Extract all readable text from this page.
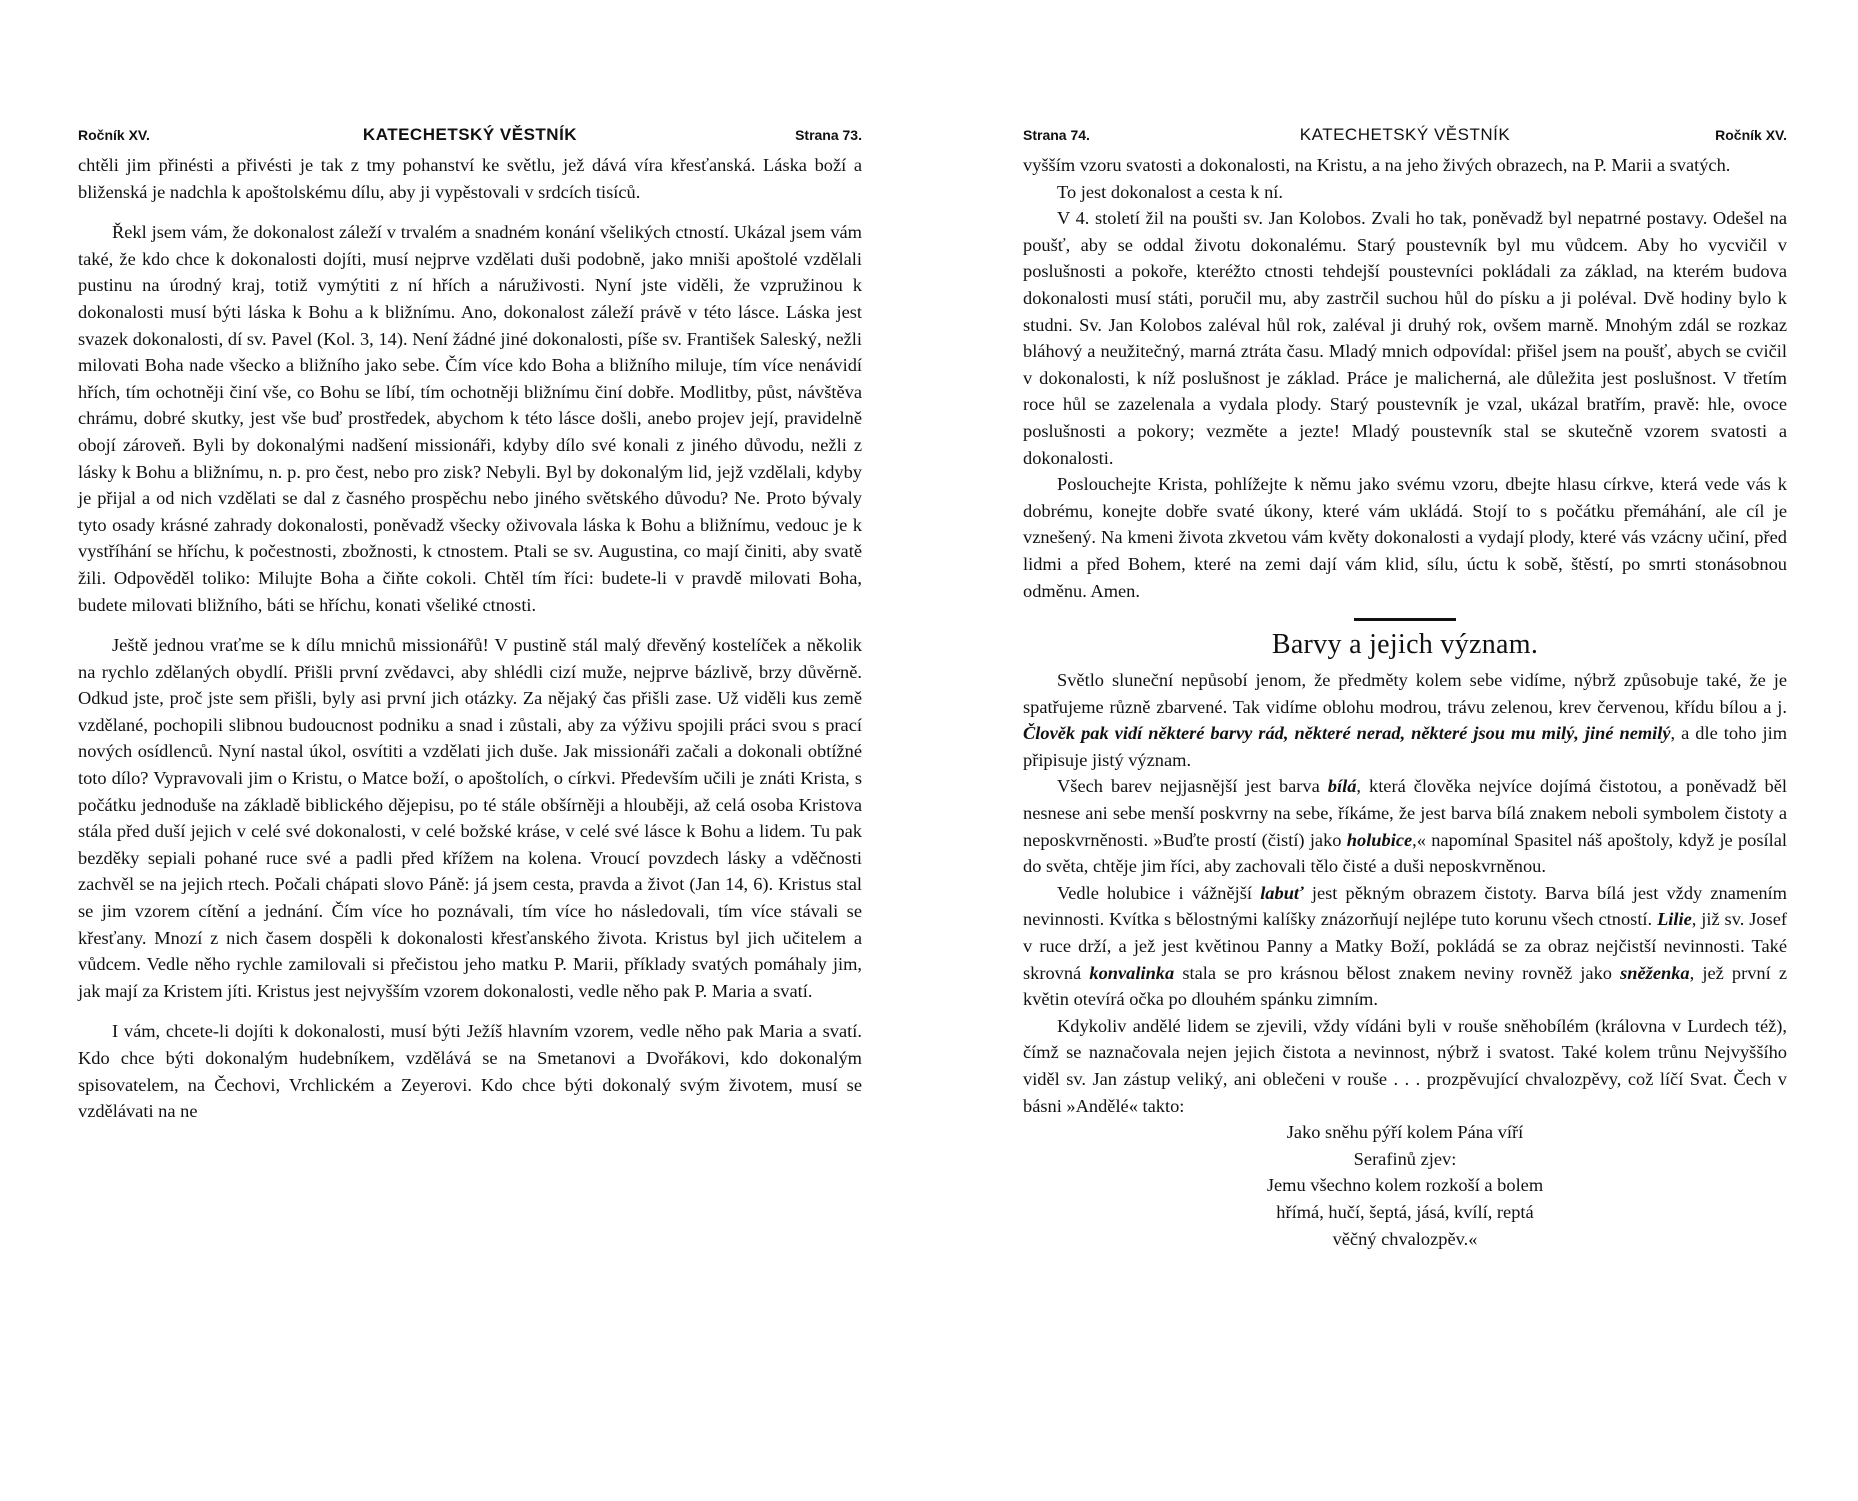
Ročník XV.	KATECHETSKÝ VĚSTNÍK	Strana 73.

chtěli jim přinésti a přivésti je tak z tmy pohanství ke světlu, jež dává víra křesťanská. Láska boží a bliženská je nadchla k apoštolskému dílu, aby ji vypěstovali v srdcích tisíců.

Řekl jsem vám, že dokonalost záleží v trvalém a snadném konání všelikých ctností. Ukázal jsem vám také, že kdo chce k dokonalosti dojíti, musí nejprve vzdělati duši podobně, jako mniši apoštolé vzdělali pustinu na úrodný kraj, totiž vymýtiti z ní hřích a náruživosti. Nyní jste viděli, že vzpružinou k dokonalosti musí býti láska k Bohu a k bližnímu. Ano, dokonalost záleží právě v této lásce. Láska jest svazek dokonalosti, dí sv. Pavel (Kol. 3, 14). Není žádné jiné dokonalosti, píše sv. František Saleský, nežli milovati Boha nade všecko a bližního jako sebe. Čím více kdo Boha a bližního miluje, tím více nenávidí hřích, tím ochotněji činí vše, co Bohu se líbí, tím ochotněji bližnímu činí dobře. Modlitby, půst, návštěva chrámu, dobré skutky, jest vše buď prostředek, abychom k této lásce došli, anebo projev její, pravidelně obojí zároveň. Byli by dokonalými nadšení missionáři, kdyby dílo své konali z jiného důvodu, nežli z lásky k Bohu a bližnímu, n. p. pro čest, nebo pro zisk? Nebyli. Byl by dokonalým lid, jejž vzdělali, kdyby je přijal a od nich vzdělati se dal z časného prospěchu nebo jiného světského důvodu? Ne. Proto bývaly tyto osady krásné zahrady dokonalosti, poněvadž všecky oživovala láska k Bohu a bližnímu, vedouc je k vystříhání se hříchu, k počestnosti, zbožnosti, k ctnostem. Ptali se sv. Augustina, co mají činiti, aby svatě žili. Odpověděl toliko: Milujte Boha a čiňte cokoli. Chtěl tím říci: budete-li v pravdě milovati Boha, budete milovati bližního, báti se hříchu, konati všeliké ctnosti.

Ještě jednou vraťme se k dílu mnichů missionářů! V pustině stál malý dřevěný kostelíček a několik na rychlo zdělaných obydlí. Přišli první zvědavci, aby shlédli cizí muže, nejprve bázlivě, brzy důvěrně. Odkud jste, proč jste sem přišli, byly asi první jich otázky. Za nějaký čas přišli zase. Už viděli kus země vzdělané, pochopili slibnou budoucnost podniku a snad i zůstali, aby za výživu spojili práci svou s prací nových osídlenců. Nyní nastal úkol, osvítiti a vzdělati jich duše. Jak missionáři začali a dokonali obtížné toto dílo? Vypravovali jim o Kristu, o Matce boží, o apoštolích, o církvi. Především učili je znáti Krista, s počátku jednoduše na základě biblického dějepisu, po té stále obšírněji a hlouběji, až celá osoba Kristova stála před duší jejich v celé své dokonalosti, v celé božské kráse, v celé své lásce k Bohu a lidem. Tu pak bezděky sepiali pohané ruce své a padli před křížem na kolena. Vroucí povzdech lásky a vděčnosti zachvěl se na jejich rtech. Počali chápati slovo Páně: já jsem cesta, pravda a život (Jan 14, 6). Kristus stal se jim vzorem cítění a jednání. Čím více ho poznávali, tím více ho následovali, tím více stávali se křesťany. Mnozí z nich časem dospěli k dokonalosti křesťanského života. Kristus byl jich učitelem a vůdcem. Vedle něho rychle zamilovali si přečistou jeho matku P. Marii, příklady svatých pomáhaly jim, jak mají za Kristem jíti. Kristus jest nejvyšším vzorem dokonalosti, vedle něho pak P. Maria a svatí.

I vám, chcete-li dojíti k dokonalosti, musí býti Ježíš hlavním vzorem, vedle něho pak Maria a svatí. Kdo chce býti dokonalým hudebníkem, vzdělává se na Smetanovi a Dvořákovi, kdo dokonalým spisovatelem, na Čechovi, Vrchlickém a Zeyerovi. Kdo chce býti dokonalý svým životem, musí se vzdělávati na ne

Strana 74.	KATECHETSKÝ VĚSTNÍK	Ročník XV.

vyšším vzoru svatosti a dokonalosti, na Kristu, a na jeho živých obrazech, na P. Marii a svatých.

To jest dokonalost a cesta k ní.

V 4. století žil na poušti sv. Jan Kolobos. Zvali ho tak, poněvadž byl nepatrné postavy. Odešel na poušť, aby se oddal životu dokonalému. Starý poustevník byl mu vůdcem. Aby ho vycvičil v poslušnosti a pokoře, kteréžto ctnosti tehdejší poustevníci pokládali za základ, na kterém budova dokonalosti musí státi, poručil mu, aby zastrčil suchou hůl do písku a ji poléval. Dvě hodiny bylo k studni. Sv. Jan Kolobos zaléval hůl rok, zaléval ji druhý rok, ovšem marně. Mnohým zdál se rozkaz bláhový a neužitečný, marná ztráta času. Mladý mnich odpovídal: přišel jsem na poušť, abych se cvičil v dokonalosti, k níž poslušnost je základ. Práce je malicherná, ale důležita jest poslušnost. V třetím roce hůl se zazelenala a vydala plody. Starý poustevník je vzal, ukázal bratřím, pravě: hle, ovoce poslušnosti a pokory; vezměte a jezte! Mladý poustevník stal se skutečně vzorem svatosti a dokonalosti.

Poslouchejte Krista, pohlížejte k němu jako svému vzoru, dbejte hlasu církve, která vede vás k dobrému, konejte dobře svaté úkony, které vám ukládá. Stojí to s počátku přemáhání, ale cíl je vznešený. Na kmeni života zkvetou vám květy dokonalosti a vydají plody, které vás vzácny učiní, před lidmi a před Bohem, které na zemi dají vám klid, sílu, úctu k sobě, štěstí, po smrti stonásobnou odměnu. Amen.

Barvy a jejich význam.

Světlo sluneční nepůsobí jenom, že předměty kolem sebe vidíme, nýbrž způsobuje také, že je spatřujeme různě zbarvené. Tak vidíme oblohu modrou, trávu zelenou, krev červenou, křídu bílou a j. Člověk pak vidí některé barvy rád, některé nerad, některé jsou mu milý, jiné nemilý, a dle toho jim připisuje jistý význam.

Všech barev nejjasnější jest barva bílá, která člověka nejvíce dojímá čistotou, a poněvadž běl nesnese ani sebe menší poskvrny na sebe, říkáme, že jest barva bílá znakem neboli symbolem čistoty a neposkvrněnosti. »Buďte prostí (čistí) jako holubice,« napomínal Spasitel náš apoštoly, když je posílal do světa, chtěje jim říci, aby zachovali tělo čisté a duši neposkvrněnou.

Vedle holubice i vážnější labuť jest pěkným obrazem čistoty. Barva bílá jest vždy znamením nevinnosti. Kvítka s bělostnými kalíšky znázorňují nejlépe tuto korunu všech ctností. Lilie, již sv. Josef v ruce drží, a jež jest květinou Panny a Matky Boží, pokládá se za obraz nejčistší nevinnosti. Také skrovná konvalinka stala se pro krásnou bělost znakem neviny rovněž jako sněženka, jež první z květin otevírá očka po dlouhém spánku zimním.

Kdykoliv andělé lidem se zjevili, vždy vídáni byli v rouše sněhobílém (královna v Lurdech též), čímž se naznačovala nejen jejich čistota a nevinnost, nýbrž i svatost. Také kolem trůnu Nejvyššího viděl sv. Jan zástup veliký, ani oblečeni v rouše . . . prozpěvující chvalozpěvy, což líčí Svat. Čech v básni »Andělé« takto:

Jako sněhu pýří kolem Pána víří
Serafinů zjev:
Jemu všechno kolem rozkoší a bolem
hřímá, hučí, šeptá, jásá, kvílí, reptá
věčný chvalozpěv.«
